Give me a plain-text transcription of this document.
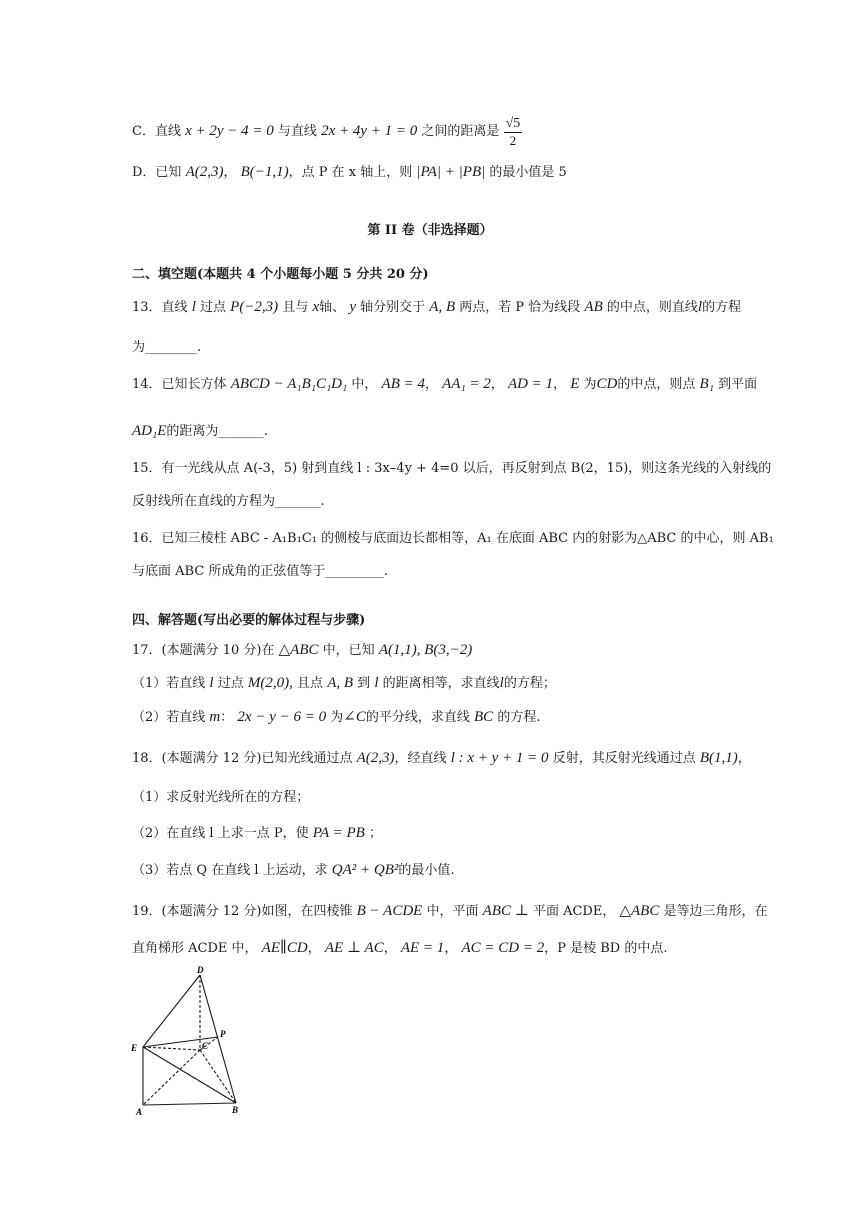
C．直线 x + 2y − 4 = 0 与直线 2x + 4y + 1 = 0 之间的距离是 $\frac{√5}{2}$
D．已知 A(2,3)， B(−1,1)，点 P 在 x 轴上，则 |PA| + |PB| 的最小值是 5
第 II 卷（非选择题）
二、填空题(本题共 4 个小题每小题 5 分共 20 分)
13．直线 l 过点 P(−2,3) 且与 x轴、 y 轴分别交于 A, B 两点，若 P 恰为线段 AB 的中点，则直线l的方程
为________.
14．已知长方体 ABCD − A₁B₁C₁D₁ 中， AB = 4， AA₁ = 2， AD = 1， E 为CD的中点，则点 B₁ 到平面
AD₁E的距离为_______.
15．有一光线从点 A(-3，5) 射到直线 l : 3x–4y + 4=0 以后，再反射到点 B(2，15)，则这条光线的入射线的
反射线所在直线的方程为_______.
16．已知三棱柱 ABC - A₁B₁C₁ 的侧棱与底面边长都相等，A₁ 在底面 ABC 内的射影为△ABC 的中心，则 AB₁
与底面 ABC 所成角的正弦值等于_________.
四、解答题(写出必要的解体过程与步骤)
17．(本题满分 10 分)在 △ABC 中，已知 A(1,1), B(3,−2)
（1）若直线 l 过点 M(2,0), 且点 A, B 到 l 的距离相等，求直线l的方程；
（2）若直线 m： 2x − y − 6 = 0 为∠C的平分线，求直线 BC 的方程.
18．(本题满分 12 分)已知光线通过点 A(2,3)，经直线 l : x + y + 1 = 0 反射，其反射光线通过点 B(1,1)，
（1）求反射光线所在的方程；
（2）在直线 l 上求一点 P，使 PA = PB ；
（3）若点 Q 在直线 l 上运动，求 QA² + QB²的最小值.
19．(本题满分 12 分)如图，在四棱锥 B − ACDE 中，平面 ABC ⊥ 平面 ACDE， △ABC 是等边三角形，在
直角梯形 ACDE 中， AE∥CD， AE ⊥ AC， AE = 1， AC = CD = 2，P 是棱 BD 的中点.
D
E
P
C
A	B
